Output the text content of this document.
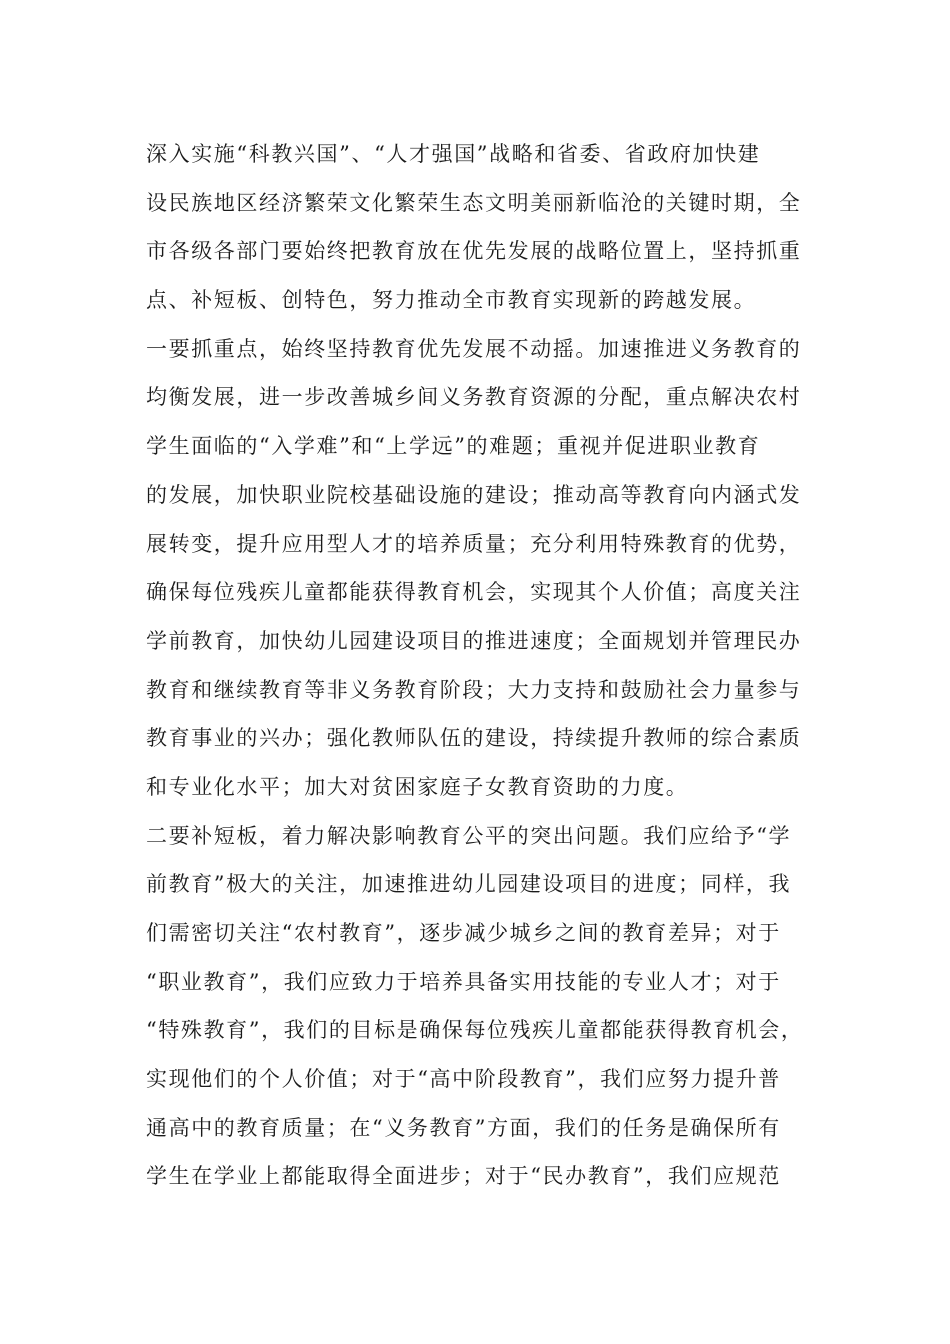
深入实施“科教兴国”、“人才强国”战略和省委、省政府加快建
设民族地区经济繁荣文化繁荣生态文明美丽新临沧的关键时期，全
市各级各部门要始终把教育放在优先发展的战略位置上，坚持抓重
点、补短板、创特色，努力推动全市教育实现新的跨越发展。
一要抓重点，始终坚持教育优先发展不动摇。加速推进义务教育的
均衡发展，进一步改善城乡间义务教育资源的分配，重点解决农村
学生面临的“入学难”和“上学远”的难题；重视并促进职业教育
的发展，加快职业院校基础设施的建设；推动高等教育向内涵式发
展转变，提升应用型人才的培养质量；充分利用特殊教育的优势，
确保每位残疾儿童都能获得教育机会，实现其个人价值；高度关注
学前教育，加快幼儿园建设项目的推进速度；全面规划并管理民办
教育和继续教育等非义务教育阶段；大力支持和鼓励社会力量参与
教育事业的兴办；强化教师队伍的建设，持续提升教师的综合素质
和专业化水平；加大对贫困家庭子女教育资助的力度。
二要补短板，着力解决影响教育公平的突出问题。我们应给予“学
前教育”极大的关注，加速推进幼儿园建设项目的进度；同样，我
们需密切关注“农村教育”，逐步减少城乡之间的教育差异；对于
“职业教育”，我们应致力于培养具备实用技能的专业人才；对于
“特殊教育”，我们的目标是确保每位残疾儿童都能获得教育机会，
实现他们的个人价值；对于“高中阶段教育”，我们应努力提升普
通高中的教育质量；在“义务教育”方面，我们的任务是确保所有
学生在学业上都能取得全面进步；对于“民办教育”，我们应规范
